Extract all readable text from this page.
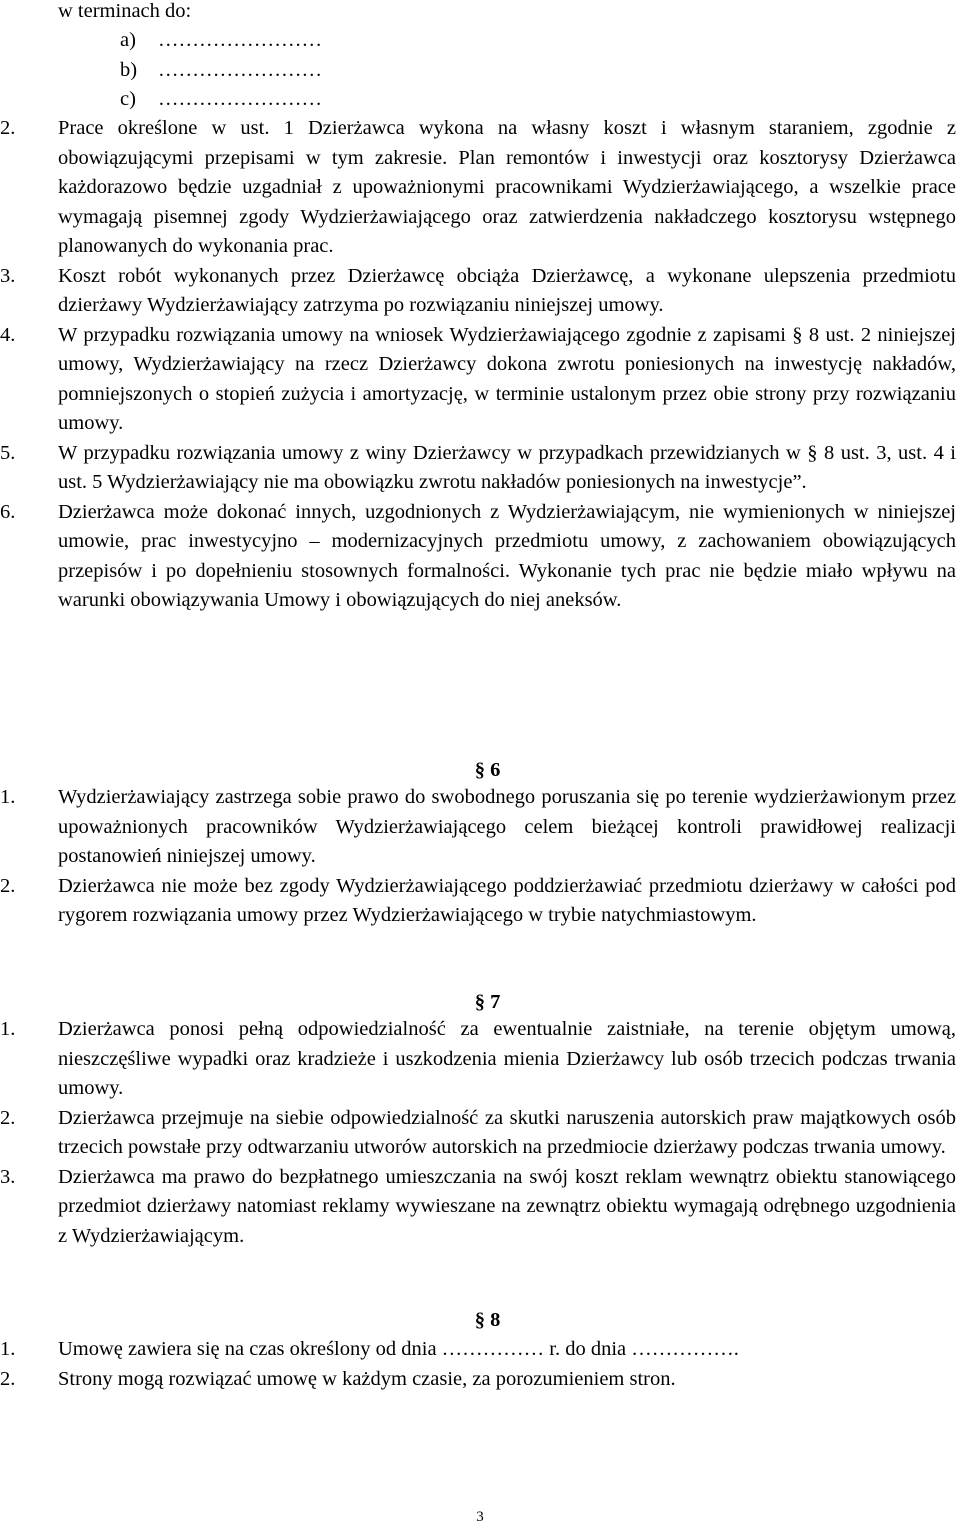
w terminach do:
a)	……………………
b)	……………………
c)	……………………
2. Prace określone w ust. 1 Dzierżawca wykona na własny koszt i własnym staraniem, zgodnie z obowiązującymi przepisami w tym zakresie. Plan remontów i inwestycji oraz kosztorysy Dzierżawca każdorazowo będzie uzgadniał z upoważnionymi pracownikami Wydzierżawiającego, a wszelkie prace wymagają pisemnej zgody Wydzierżawiającego oraz zatwierdzenia nakładczego kosztorysu wstępnego planowanych do wykonania prac.
3. Koszt robót wykonanych przez Dzierżawcę obciąża Dzierżawcę, a wykonane ulepszenia przedmiotu dzierżawy Wydzierżawiający zatrzyma po rozwiązaniu niniejszej umowy.
4. W przypadku rozwiązania umowy na wniosek Wydzierżawiającego zgodnie z zapisami § 8 ust. 2 niniejszej umowy, Wydzierżawiający na rzecz Dzierżawcy dokona zwrotu poniesionych na inwestycję nakładów, pomniejszonych o stopień zużycia i amortyzację, w terminie ustalonym przez obie strony przy rozwiązaniu umowy.
5. W przypadku rozwiązania umowy z winy Dzierżawcy w przypadkach przewidzianych w § 8 ust. 3, ust. 4 i ust. 5 Wydzierżawiający nie ma obowiązku zwrotu nakładów poniesionych na inwestycje”.
6. Dzierżawca może dokonać innych, uzgodnionych z Wydzierżawiającym, nie wymienionych w niniejszej umowie, prac inwestycyjno – modernizacyjnych przedmiotu umowy, z zachowaniem obowiązujących przepisów i po dopełnieniu stosownych formalności. Wykonanie tych prac nie będzie miało wpływu na warunki obowiązywania Umowy i obowiązujących do niej aneksów.
§ 6
1. Wydzierżawiający zastrzega sobie prawo do swobodnego poruszania się po terenie wydzierżawionym przez upoważnionych pracowników Wydzierżawiającego celem bieżącej kontroli prawidłowej realizacji postanowień niniejszej umowy.
2. Dzierżawca nie może bez zgody Wydzierżawiającego poddzierżawiać przedmiotu dzierżawy w całości pod rygorem rozwiązania umowy przez Wydzierżawiającego w trybie natychmiastowym.
§ 7
1. Dzierżawca ponosi pełną odpowiedzialność za ewentualnie zaistniałe, na terenie objętym umową, nieszczęśliwe wypadki oraz kradzieże i uszkodzenia mienia Dzierżawcy lub osób trzecich podczas trwania umowy.
2. Dzierżawca przejmuje na siebie odpowiedzialność za skutki naruszenia autorskich praw majątkowych osób trzecich powstałe przy odtwarzaniu utworów autorskich na przedmiocie dzierżawy podczas trwania umowy.
3. Dzierżawca ma prawo do bezpłatnego umieszczania na swój koszt reklam wewnątrz obiektu stanowiącego przedmiot dzierżawy natomiast reklamy wywieszane na zewnątrz obiektu wymagają odrębnego uzgodnienia z Wydzierżawiającym.
§ 8
1. Umowę zawiera się na czas określony od dnia …………… r. do dnia …………….
2. Strony mogą rozwiązać umowę w każdym czasie, za porozumieniem stron.
3
